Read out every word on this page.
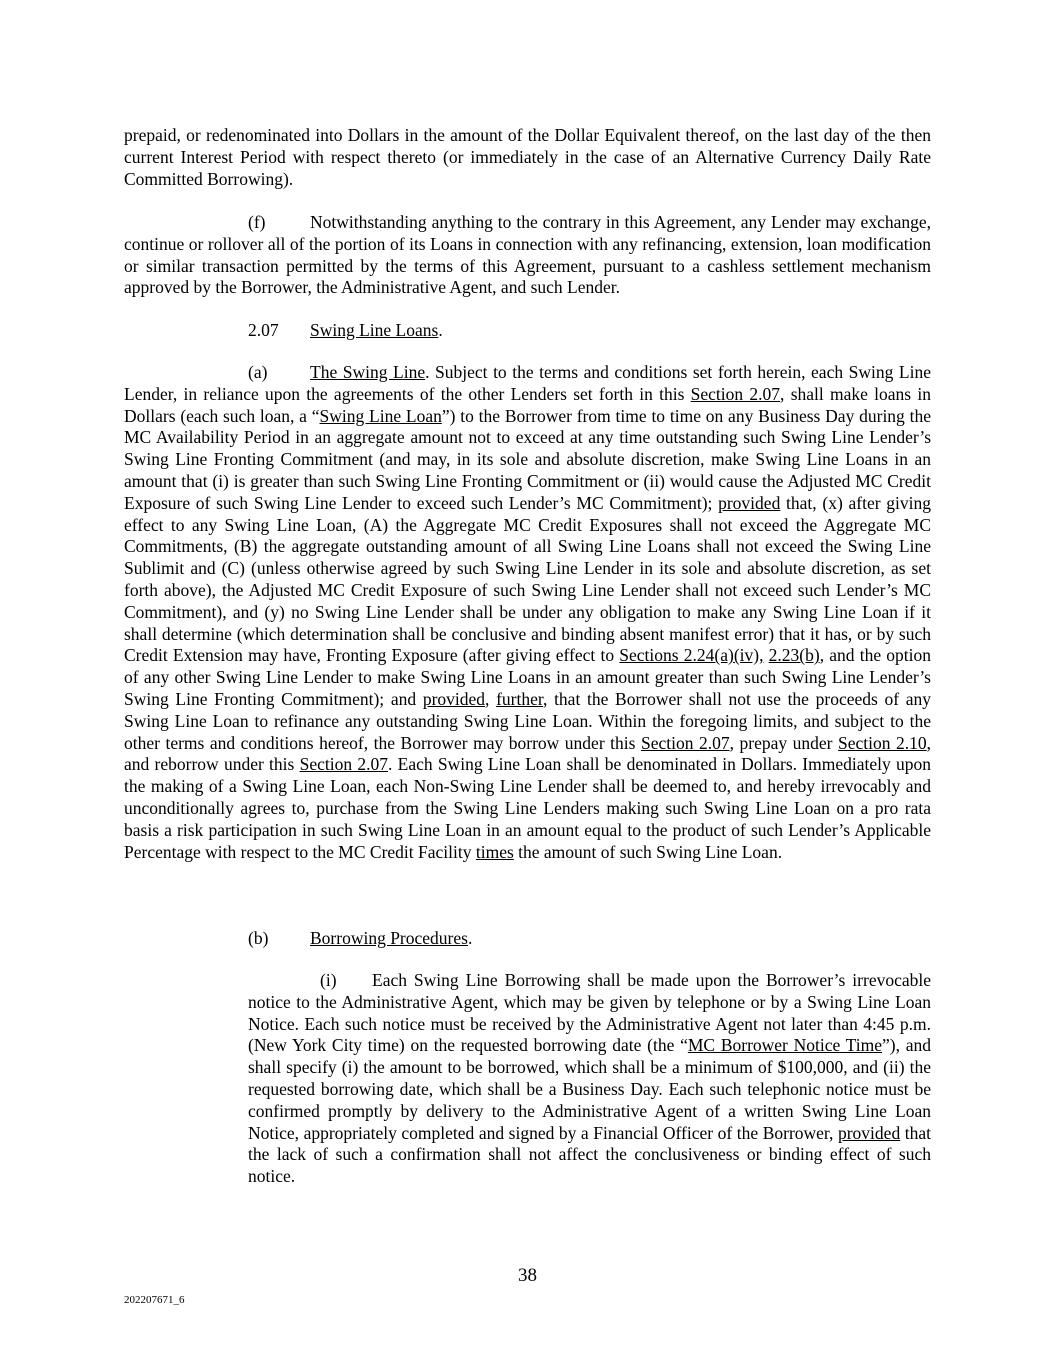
prepaid, or redenominated into Dollars in the amount of the Dollar Equivalent thereof, on the last day of the then current Interest Period with respect thereto (or immediately in the case of an Alternative Currency Daily Rate Committed Borrowing).

(f)	Notwithstanding anything to the contrary in this Agreement, any Lender may exchange, continue or rollover all of the portion of its Loans in connection with any refinancing, extension, loan modification or similar transaction permitted by the terms of this Agreement, pursuant to a cashless settlement mechanism approved by the Borrower, the Administrative Agent, and such Lender.

2.07 Swing Line Loans.

(a) The Swing Line. Subject to the terms and conditions set forth herein, each Swing Line Lender, in reliance upon the agreements of the other Lenders set forth in this Section 2.07, shall make loans in Dollars (each such loan, a “Swing Line Loan”) to the Borrower from time to time on any Business Day during the MC Availability Period in an aggregate amount not to exceed at any time outstanding such Swing Line Lender’s Swing Line Fronting Commitment (and may, in its sole and absolute discretion, make Swing Line Loans in an amount that (i) is greater than such Swing Line Fronting Commitment or (ii) would cause the Adjusted MC Credit Exposure of such Swing Line Lender to exceed such Lender’s MC Commitment); provided that, (x) after giving effect to any Swing Line Loan, (A) the Aggregate MC Credit Exposures shall not exceed the Aggregate MC Commitments, (B) the aggregate outstanding amount of all Swing Line Loans shall not exceed the Swing Line Sublimit and (C) (unless otherwise agreed by such Swing Line Lender in its sole and absolute discretion, as set forth above), the Adjusted MC Credit Exposure of such Swing Line Lender shall not exceed such Lender’s MC Commitment), and (y) no Swing Line Lender shall be under any obligation to make any Swing Line Loan if it shall determine (which determination shall be conclusive and binding absent manifest error) that it has, or by such Credit Extension may have, Fronting Exposure (after giving effect to Sections 2.24(a)(iv), 2.23(b), and the option of any other Swing Line Lender to make Swing Line Loans in an amount greater than such Swing Line Lender’s Swing Line Fronting Commitment); and provided, further, that the Borrower shall not use the proceeds of any Swing Line Loan to refinance any outstanding Swing Line Loan. Within the foregoing limits, and subject to the other terms and conditions hereof, the Borrower may borrow under this Section 2.07, prepay under Section 2.10, and reborrow under this Section 2.07. Each Swing Line Loan shall be denominated in Dollars. Immediately upon the making of a Swing Line Loan, each Non-Swing Line Lender shall be deemed to, and hereby irrevocably and unconditionally agrees to, purchase from the Swing Line Lenders making such Swing Line Loan on a pro rata basis a risk participation in such Swing Line Loan in an amount equal to the product of such Lender’s Applicable Percentage with respect to the MC Credit Facility times the amount of such Swing Line Loan.

(b) Borrowing Procedures.

(i) Each Swing Line Borrowing shall be made upon the Borrower’s irrevocable notice to the Administrative Agent, which may be given by telephone or by a Swing Line Loan Notice. Each such notice must be received by the Administrative Agent not later than 4:45 p.m. (New York City time) on the requested borrowing date (the “MC Borrower Notice Time”), and shall specify (i) the amount to be borrowed, which shall be a minimum of $100,000, and (ii) the requested borrowing date, which shall be a Business Day. Each such telephonic notice must be confirmed promptly by delivery to the Administrative Agent of a written Swing Line Loan Notice, appropriately completed and signed by a Financial Officer of the Borrower, provided that the lack of such a confirmation shall not affect the conclusiveness or binding effect of such notice.

38
202207671_6
